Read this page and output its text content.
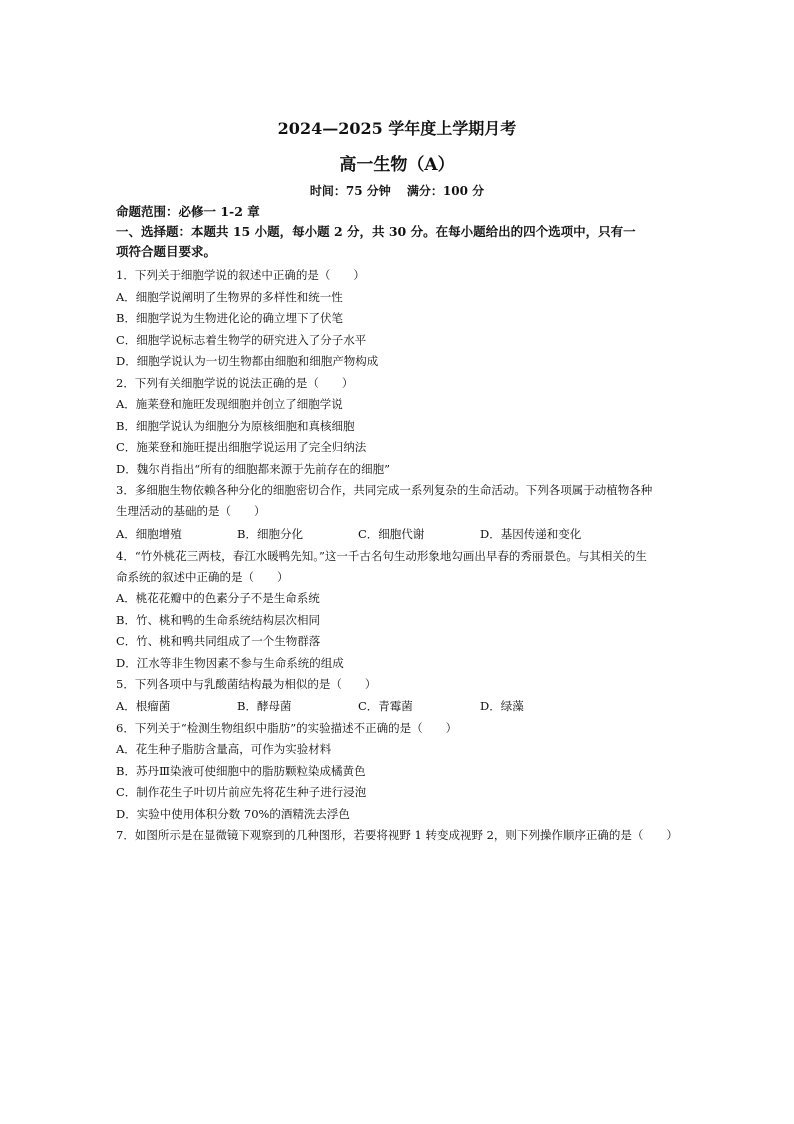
2024—2025 学年度上学期月考
高一生物（A）
时间：75 分钟 满分：100 分
命题范围：必修一 1-2 章
一、选择题：本题共 15 小题，每小题 2 分，共 30 分。在每小题给出的四个选项中，只有一
项符合题目要求。
1．下列关于细胞学说的叙述中正确的是（　　）
A．细胞学说阐明了生物界的多样性和统一性
B．细胞学说为生物进化论的确立埋下了伏笔
C．细胞学说标志着生物学的研究进入了分子水平
D．细胞学说认为一切生物都由细胞和细胞产物构成
2．下列有关细胞学说的说法正确的是（　　）
A．施莱登和施旺发现细胞并创立了细胞学说
B．细胞学说认为细胞分为原核细胞和真核细胞
C．施莱登和施旺提出细胞学说运用了完全归纳法
D．魏尔肖指出“所有的细胞都来源于先前存在的细胞”
3．多细胞生物依赖各种分化的细胞密切合作，共同完成一系列复杂的生命活动。下列各项属于动植物各种
生理活动的基础的是（　　）
A．细胞增殖	B．细胞分化	C．细胞代谢	D．基因传递和变化
4．“竹外桃花三两枝，春江水暖鸭先知。”这一千古名句生动形象地勾画出早春的秀丽景色。与其相关的生
命系统的叙述中正确的是（　　）
A．桃花花瓣中的色素分子不是生命系统
B．竹、桃和鸭的生命系统结构层次相同
C．竹、桃和鸭共同组成了一个生物群落
D．江水等非生物因素不参与生命系统的组成
5．下列各项中与乳酸菌结构最为相似的是（　　）
A．根瘤菌	B．酵母菌	C．青霉菌	D．绿藻
6．下列关于“检测生物组织中脂肪”的实验描述不正确的是（　　）
A．花生种子脂肪含量高，可作为实验材料
B．苏丹Ⅲ染液可使细胞中的脂肪颗粒染成橘黄色
C．制作花生子叶切片前应先将花生种子进行浸泡
D．实验中使用体积分数 70%的酒精洗去浮色
7．如图所示是在显微镜下观察到的几种图形，若要将视野 1 转变成视野 2，则下列操作顺序正确的是（　　）
